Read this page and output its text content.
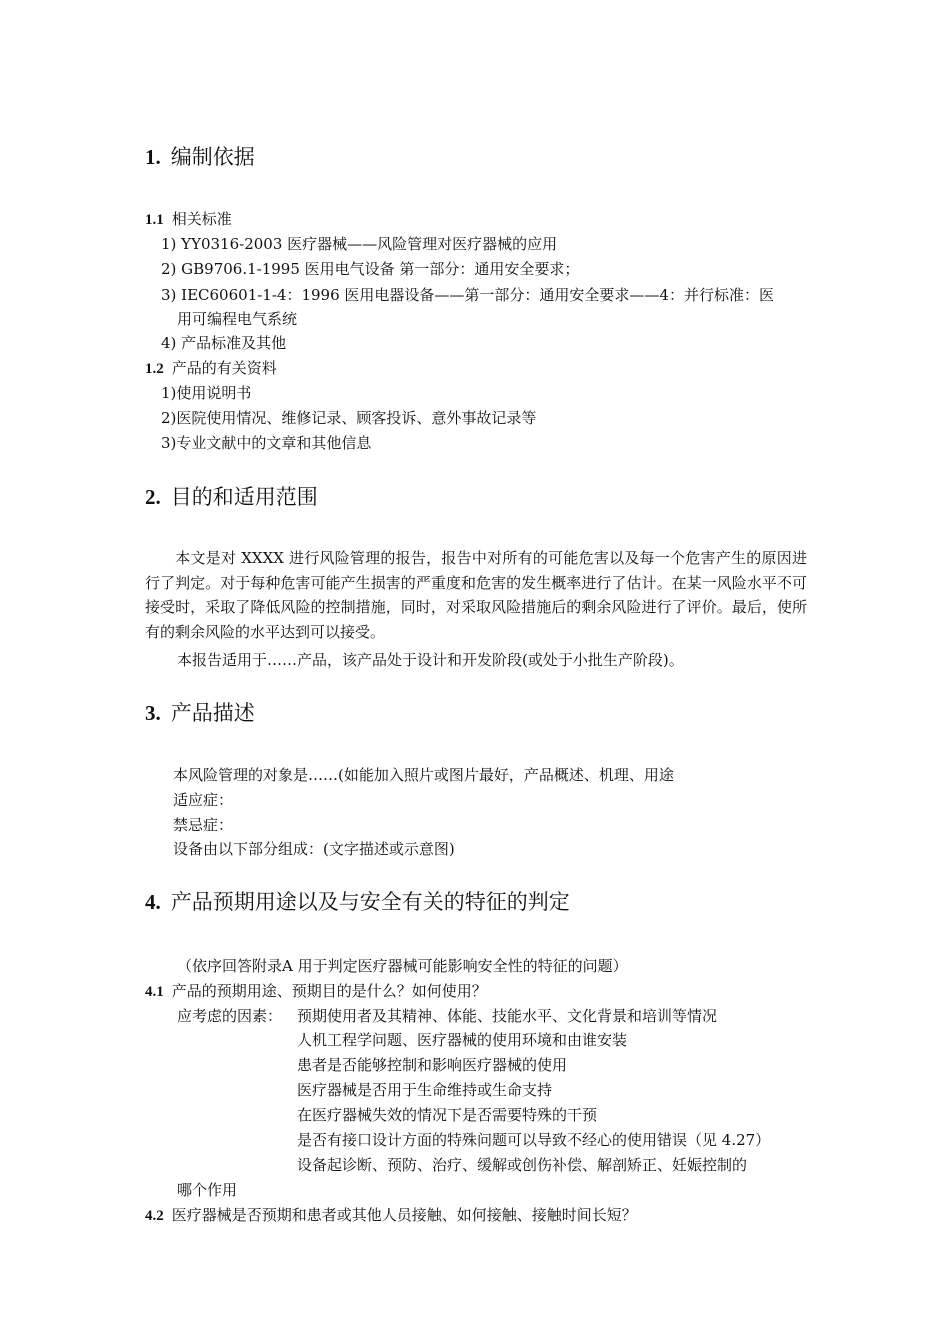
1. 编制依据
1.1 相关标准
1) YY0316-2003 医疗器械——风险管理对医疗器械的应用
2) GB9706.1-1995 医用电气设备 第一部分：通用安全要求；
3) IEC60601-1-4：1996 医用电器设备——第一部分：通用安全要求——4：并行标准：医
用可编程电气系统
4) 产品标准及其他
1.2 产品的有关资料
1)使用说明书
2)医院使用情况、维修记录、顾客投诉、意外事故记录等
3)专业文献中的文章和其他信息
2. 目的和适用范围
本文是对 XXXX 进行风险管理的报告，报告中对所有的可能危害以及每一个危害产生的原因进行了判定。对于每种危害可能产生损害的严重度和危害的发生概率进行了估计。在某一风险水平不可接受时，采取了降低风险的控制措施，同时，对采取风险措施后的剩余风险进行了评价。最后，使所有的剩余风险的水平达到可以接受。
本报告适用于……产品，该产品处于设计和开发阶段(或处于小批生产阶段)。
3. 产品描述
本风险管理的对象是……(如能加入照片或图片最好，产品概述、机理、用途
适应症：
禁忌症：
设备由以下部分组成：(文字描述或示意图)
4. 产品预期用途以及与安全有关的特征的判定
（依序回答附录A 用于判定医疗器械可能影响安全性的特征的问题）
4.1 产品的预期用途、预期目的是什么？如何使用？
应考虑的因素： 预期使用者及其精神、体能、技能水平、文化背景和培训等情况
人机工程学问题、医疗器械的使用环境和由谁安装
患者是否能够控制和影响医疗器械的使用
医疗器械是否用于生命维持或生命支持
在医疗器械失效的情况下是否需要特殊的干预
是否有接口设计方面的特殊问题可以导致不经心的使用错误（见 4.27）
设备起诊断、预防、治疗、缓解或创伤补偿、解剖矫正、妊娠控制的
哪个作用
4.2 医疗器械是否预期和患者或其他人员接触、如何接触、接触时间长短？
